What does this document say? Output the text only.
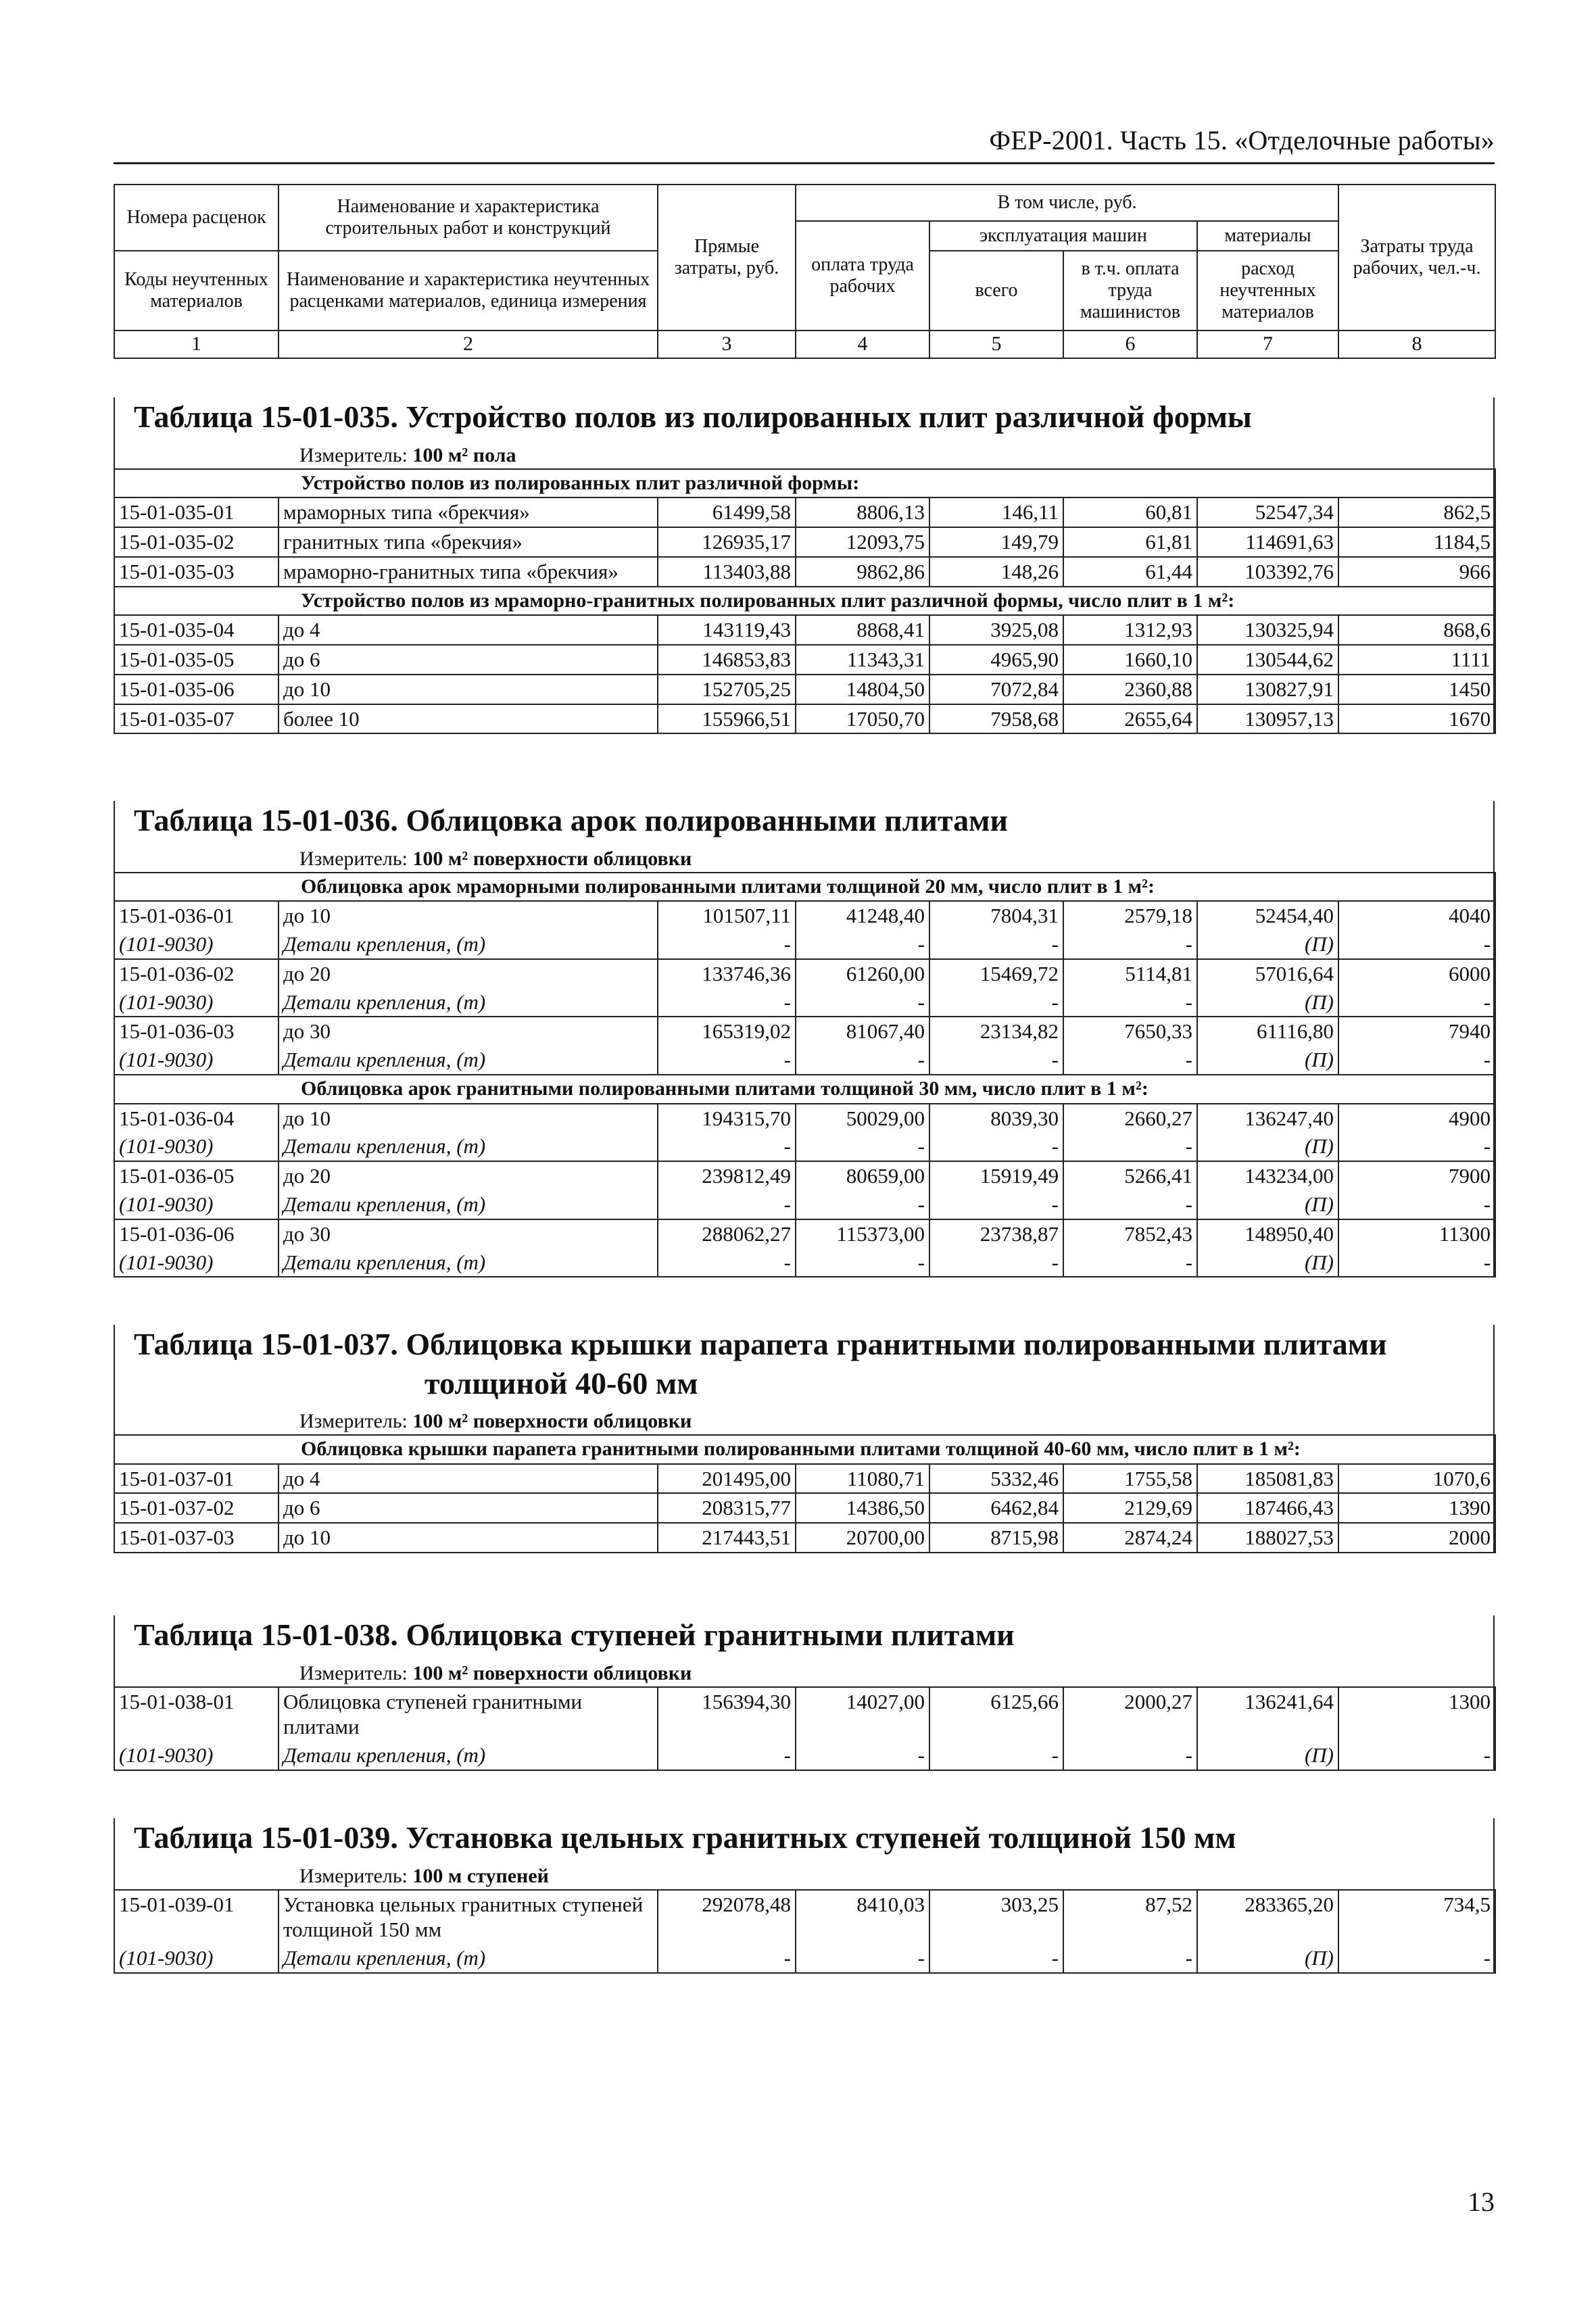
ФЕР-2001. Часть 15. «Отделочные работы»
Номера расценок	Наименование и характеристика строительных работ и конструкций	Прямые затраты, руб.	В том числе, руб.				Затраты труда рабочих, чел.-ч.
			оплата труда рабочих	эксплуатация машин		материалы	
Коды неучтенных материалов	Наименование и характеристика неучтенных расценками материалов, единица измерения			всего	в т.ч. оплата труда машинистов	расход неучтенных материалов	

1	2	3	4	5	6	7	8
Таблица 15-01-035. Устройство полов из полированных плит различной формы
Измеритель: 100 м² пола
Устройство полов из полированных плит различной формы:							
15-01-035-01	мраморных типа «брекчия»	61499,58	8806,13	146,11	60,81	52547,34	862,5
15-01-035-02	гранитных типа «брекчия»	126935,17	12093,75	149,79	61,81	114691,63	1184,5
15-01-035-03	мраморно-гранитных типа «брекчия»	113403,88	9862,86	148,26	61,44	103392,76	966
Устройство полов из мраморно-гранитных полированных плит различной формы, число плит в 1 м²:							
15-01-035-04	до 4	143119,43	8868,41	3925,08	1312,93	130325,94	868,6
15-01-035-05	до 6	146853,83	11343,31	4965,90	1660,10	130544,62	1111
15-01-035-06	до 10	152705,25	14804,50	7072,84	2360,88	130827,91	1450
15-01-035-07	более 10	155966,51	17050,70	7958,68	2655,64	130957,13	1670
Таблица 15-01-036. Облицовка арок полированными плитами
Измеритель: 100 м² поверхности облицовки
Облицовка арок мраморными полированными плитами толщиной 20 мм, число плит в 1 м²:							
15-01-036-01	до 10	101507,11	41248,40	7804,31	2579,18	52454,40	4040
(101-9030)	Детали крепления, (т)	-	-	-	-	(П)	-
15-01-036-02	до 20	133746,36	61260,00	15469,72	5114,81	57016,64	6000
(101-9030)	Детали крепления, (т)	-	-	-	-	(П)	-
15-01-036-03	до 30	165319,02	81067,40	23134,82	7650,33	61116,80	7940
(101-9030)	Детали крепления, (т)	-	-	-	-	(П)	-
Облицовка арок гранитными полированными плитами толщиной 30 мм, число плит в 1 м²:							
15-01-036-04	до 10	194315,70	50029,00	8039,30	2660,27	136247,40	4900
(101-9030)	Детали крепления, (т)	-	-	-	-	(П)	-
15-01-036-05	до 20	239812,49	80659,00	15919,49	5266,41	143234,00	7900
(101-9030)	Детали крепления, (т)	-	-	-	-	(П)	-
15-01-036-06	до 30	288062,27	115373,00	23738,87	7852,43	148950,40	11300
(101-9030)	Детали крепления, (т)	-	-	-	-	(П)	-
Таблица 15-01-037. Облицовка крышки парапета гранитными полированными плитами
толщиной 40-60 мм
Измеритель: 100 м² поверхности облицовки
Облицовка крышки парапета гранитными полированными плитами толщиной 40-60 мм, число плит в 1 м²:							
15-01-037-01	до 4	201495,00	11080,71	5332,46	1755,58	185081,83	1070,6
15-01-037-02	до 6	208315,77	14386,50	6462,84	2129,69	187466,43	1390
15-01-037-03	до 10	217443,51	20700,00	8715,98	2874,24	188027,53	2000
Таблица 15-01-038. Облицовка ступеней гранитными плитами
Измеритель: 100 м² поверхности облицовки
15-01-038-01	Облицовка ступеней гранитными плитами	156394,30	14027,00	6125,66	2000,27	136241,64	1300
(101-9030)	Детали крепления, (т)	-	-	-	-	(П)	-
Таблица 15-01-039. Установка цельных гранитных ступеней толщиной 150 мм
Измеритель: 100 м ступеней
15-01-039-01	Установка цельных гранитных ступеней толщиной 150 мм	292078,48	8410,03	303,25	87,52	283365,20	734,5
(101-9030)	Детали крепления, (т)	-	-	-	-	(П)	-
13
